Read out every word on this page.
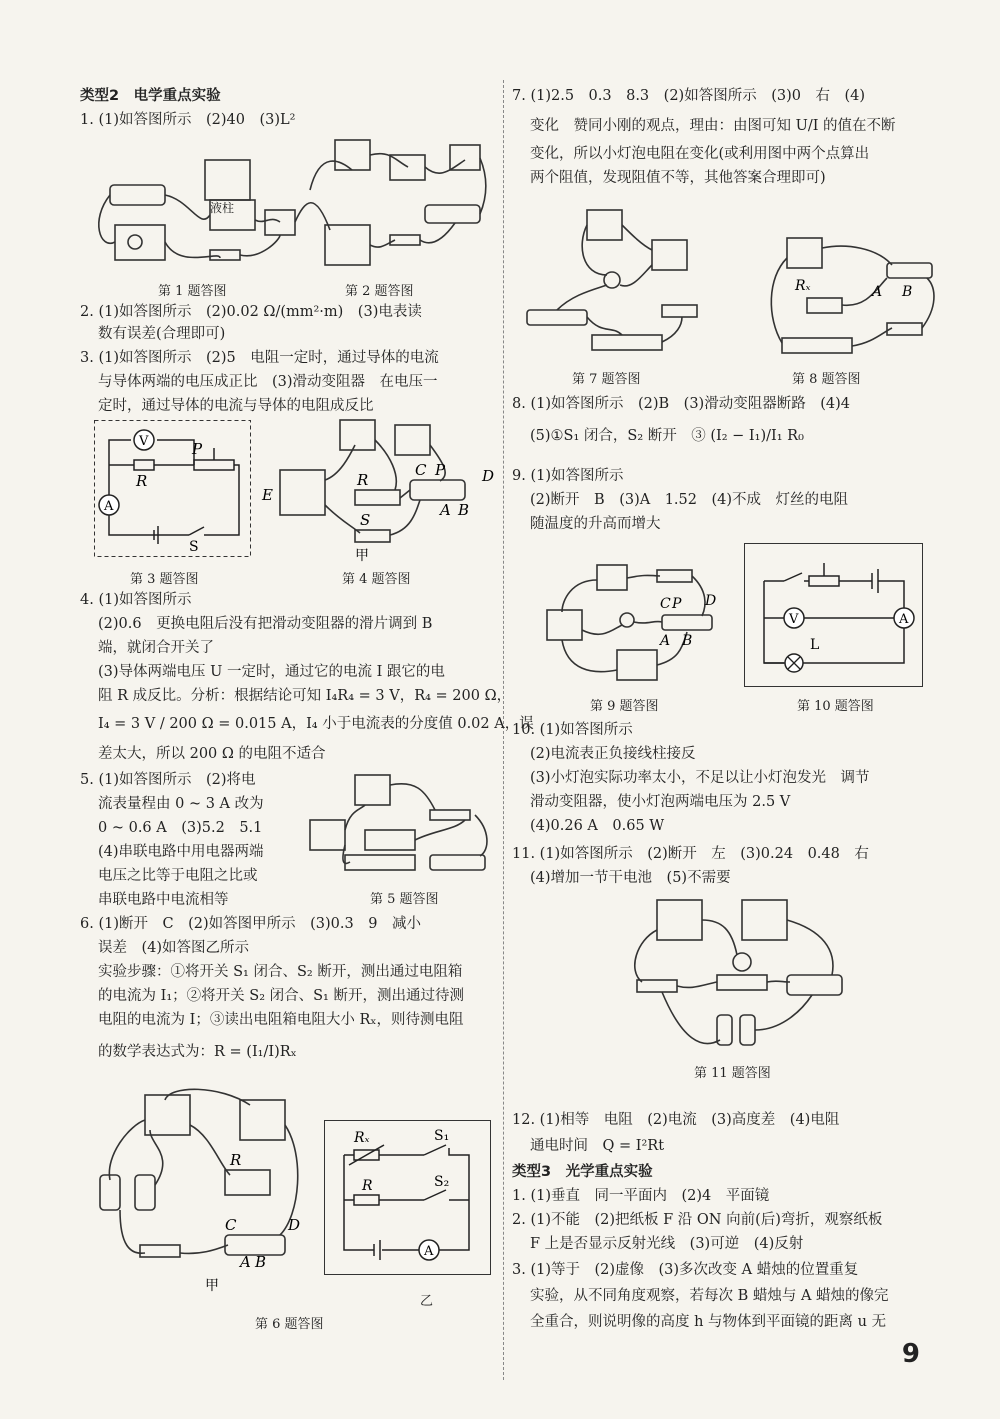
类型2　电学重点实验
1. (1)如答图所示　(2)40　(3)L²
液柱
第 1 题答图	第 2 题答图
2. (1)如答图所示　(2)0.02 Ω/(mm²·m)　(3)电表读
数有误差(合理即可)
3. (1)如答图所示　(2)5　电阻一定时，通过导体的电流
与导体两端的电压成正比　(3)滑动变阻器　在电压一
定时，通过导体的电流与导体的电阻成反比
V
A
R
P
S
第 3 题答图
E
R
C P D
A B
S
甲
第 4 题答图
4. (1)如答图所示
(2)0.6　更换电阻后没有把滑动变阻器的滑片调到 B
端，就闭合开关了
(3)导体两端电压 U 一定时，通过它的电流 I 跟它的电
阻 R 成反比。分析：根据结论可知 I₄R₄ = 3 V，R₄ = 200 Ω，
I₄ = 3 V / 200 Ω = 0.015 A，I₄ 小于电流表的分度值 0.02 A，误
差太大，所以 200 Ω 的电阻不适合
5. (1)如答图所示　(2)将电
流表量程由 0 ~ 3 A 改为
0 ~ 0.6 A　(3)5.2　5.1
(4)串联电路中用电器两端
电压之比等于电阻之比或
串联电路中电流相等	第 5 题答图
6. (1)断开　C　(2)如答图甲所示　(3)0.3　9　减小
误差　(4)如答图乙所示
实验步骤：①将开关 S₁ 闭合、S₂ 断开，测出通过电阻箱
的电流为 I₁；②将开关 S₂ 闭合、S₁ 断开，测出通过待测
电阻的电流为 I；③读出电阻箱电阻大小 Rₓ，则待测电阻
的数学表达式为：R = (I₁/I)Rₓ
R
C	D
A B
甲
A
Rₓ
R
S₁
S₂
乙
第 6 题答图
7. (1)2.5　0.3　8.3　(2)如答图所示　(3)0　右　(4)
变化　赞同小刚的观点，理由：由图可知 U/I 的值在不断
变化，所以小灯泡电阻在变化(或利用图中两个点算出
两个阻值，发现阻值不等，其他答案合理即可)
第 7 题答图
Rₓ	A B
第 8 题答图
8. (1)如答图所示　(2)B　(3)滑动变阻器断路　(4)4
(5)①S₁ 闭合，S₂ 断开　③ (I₂ − I₁)/I₁ R₀
9. (1)如答图所示
(2)断开　B　(3)A　1.52　(4)不成　灯丝的电阻
随温度的升高而增大
C P D
A B
第 9 题答图
A
V
L
第 10 题答图
10. (1)如答图所示
(2)电流表正负接线柱接反
(3)小灯泡实际功率太小，不足以让小灯泡发光　调节
滑动变阻器，使小灯泡两端电压为 2.5 V
(4)0.26 A　0.65 W
11. (1)如答图所示　(2)断开　左　(3)0.24　0.48　右
(4)增加一节干电池　(5)不需要
第 11 题答图
12. (1)相等　电阻　(2)电流　(3)高度差　(4)电阻
通电时间　Q = I²Rt
类型3　光学重点实验
1. (1)垂直　同一平面内　(2)4　平面镜
2. (1)不能　(2)把纸板 F 沿 ON 向前(后)弯折，观察纸板
F 上是否显示反射光线　(3)可逆　(4)反射
3. (1)等于　(2)虚像　(3)多次改变 A 蜡烛的位置重复
实验，从不同角度观察，若每次 B 蜡烛与 A 蜡烛的像完
全重合，则说明像的高度 h 与物体到平面镜的距离 u 无
9
